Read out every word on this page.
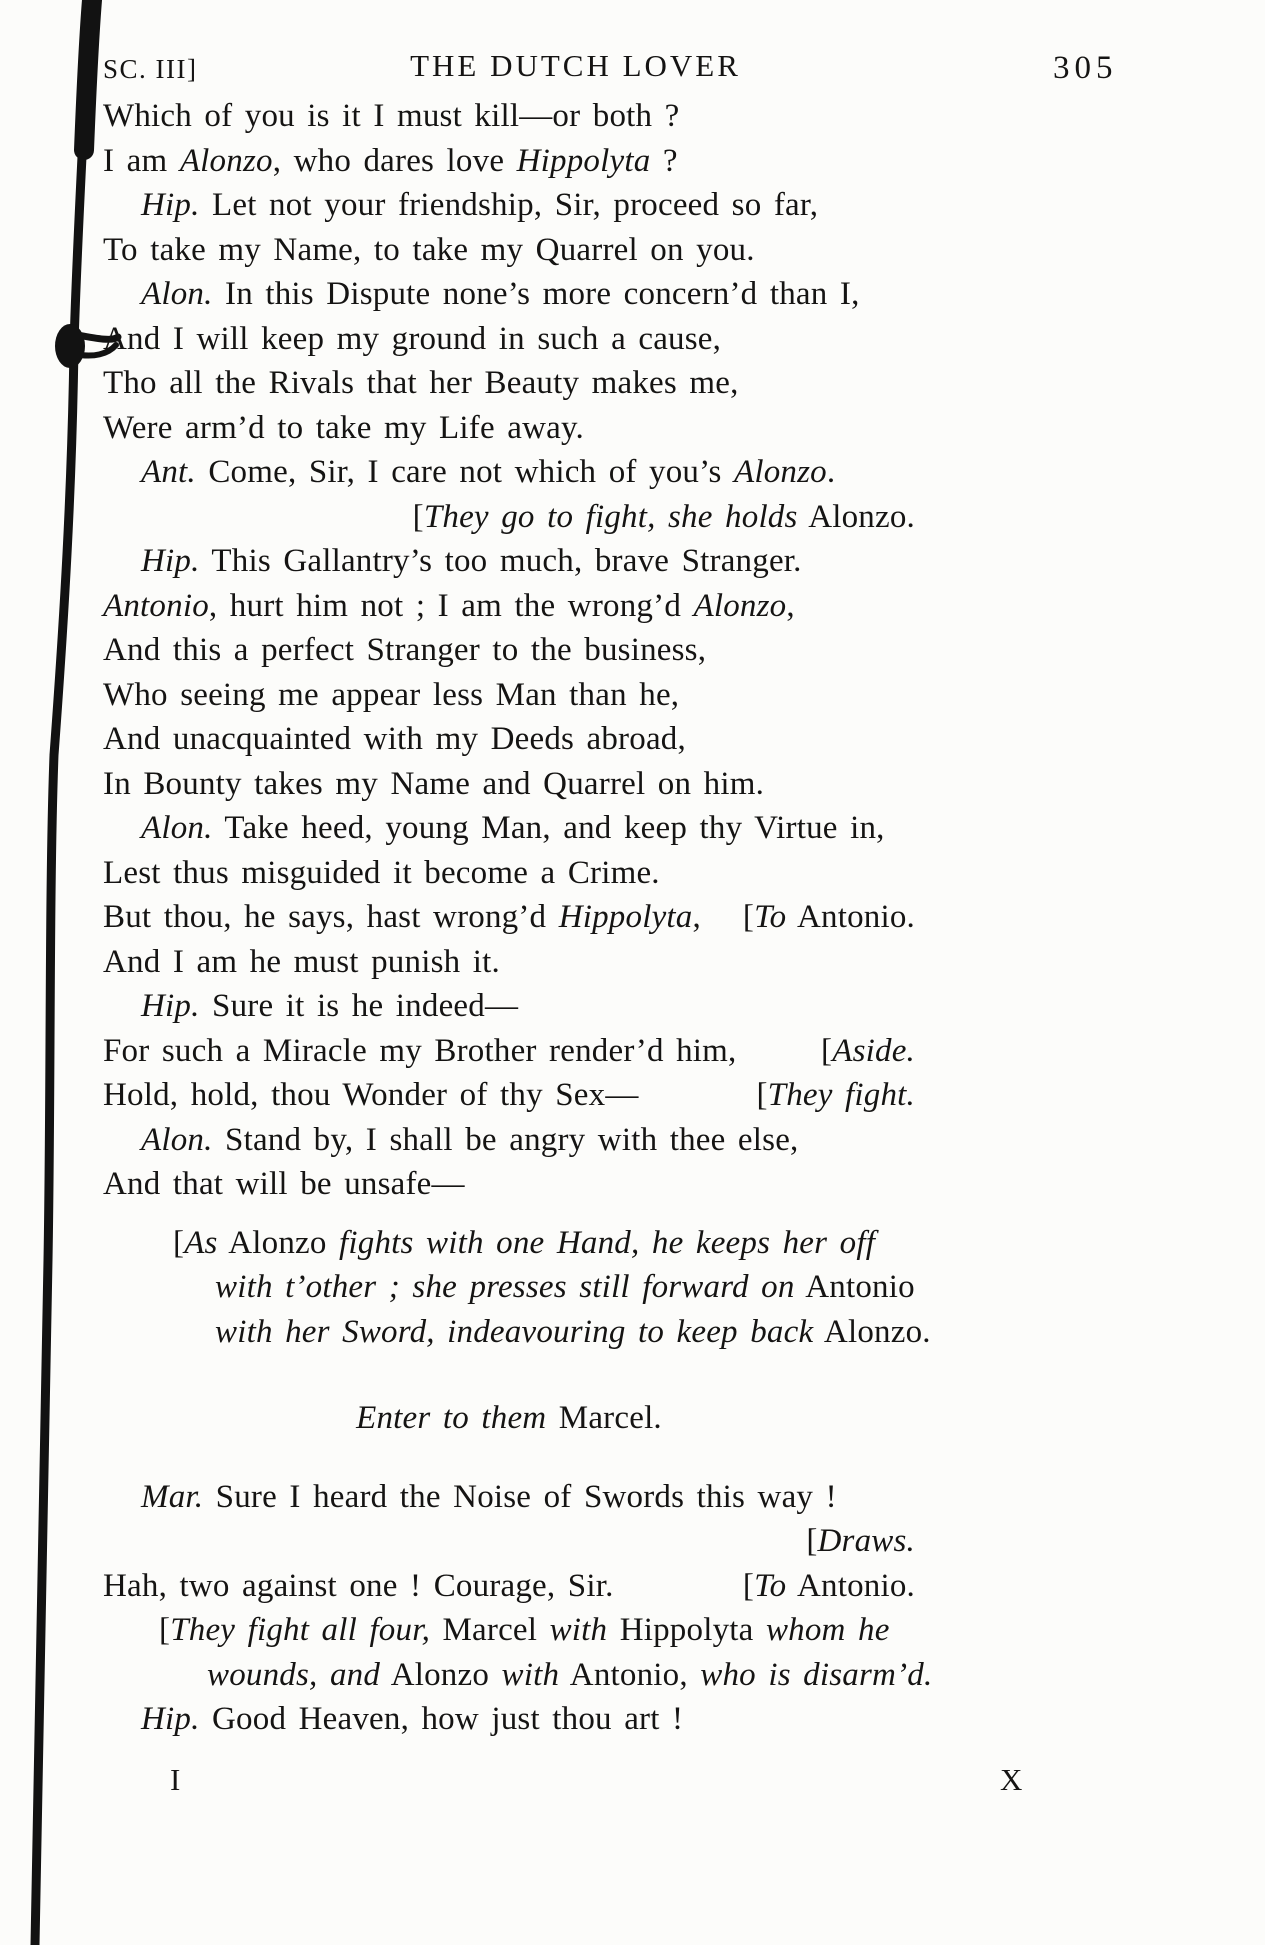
SC. III]	THE DUTCH LOVER	305
Which of you is it I must kill—or both ?
I am Alonzo, who dares love Hippolyta ?
Hip. Let not your friendship, Sir, proceed so far,
To take my Name, to take my Quarrel on you.
Alon. In this Dispute none’s more concern’d than I,
And I will keep my ground in such a cause,
Tho all the Rivals that her Beauty makes me,
Were arm’d to take my Life away.
Ant. Come, Sir, I care not which of you’s Alonzo.
[They go to fight, she holds Alonzo.
Hip. This Gallantry’s too much, brave Stranger.
Antonio, hurt him not ; I am the wrong’d Alonzo,
And this a perfect Stranger to the business,
Who seeing me appear less Man than he,
And unacquainted with my Deeds abroad,
In Bounty takes my Name and Quarrel on him.
Alon. Take heed, young Man, and keep thy Virtue in,
Lest thus misguided it become a Crime.
But thou, he says, hast wrong’d Hippolyta, [To Antonio.
And I am he must punish it.
Hip. Sure it is he indeed—
For such a Miracle my Brother render’d him,	[Aside.
Hold, hold, thou Wonder of thy Sex—	[They fight.
Alon. Stand by, I shall be angry with thee else,
And that will be unsafe—
[As Alonzo fights with one Hand, he keeps her off
with t’other ; she presses still forward on Antonio
with her Sword, indeavouring to keep back Alonzo.
Enter to them Marcel.
Mar. Sure I heard the Noise of Swords this way !
[Draws.
Hah, two against one ! Courage, Sir.	[To Antonio.
[They fight all four, Marcel with Hippolyta whom he
wounds, and Alonzo with Antonio, who is disarm’d.
Hip. Good Heaven, how just thou art !
I	X
